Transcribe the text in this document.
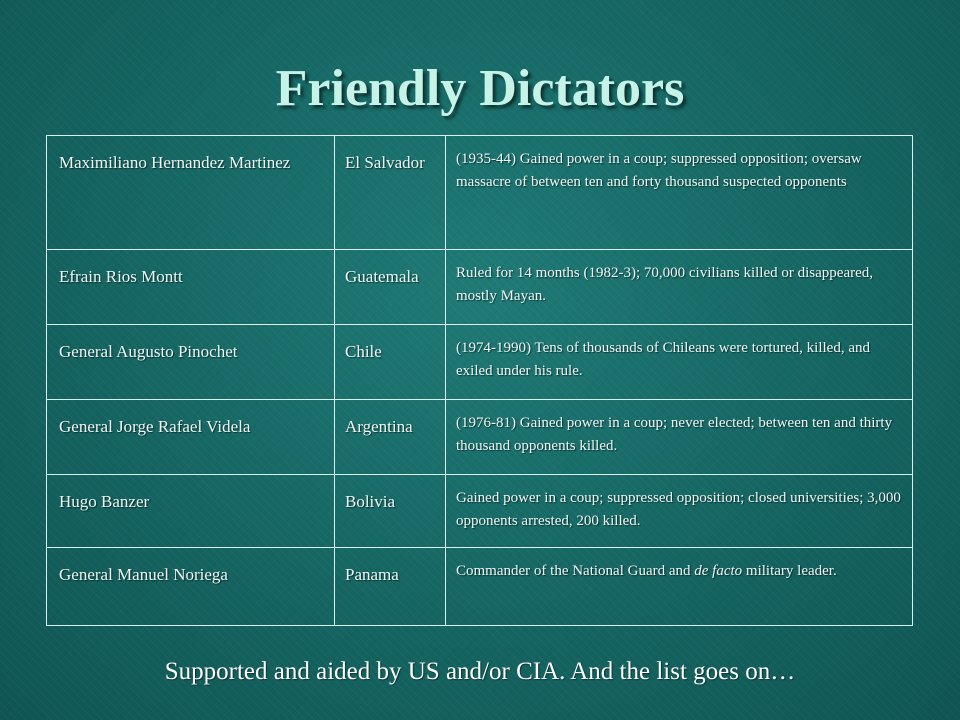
Friendly Dictators
Maximiliano Hernandez Martinez	El Salvador	(1935-44) Gained power in a coup; suppressed opposition; oversaw massacre of between ten and forty thousand suspected opponents
Efrain Rios Montt	Guatemala	Ruled for 14 months (1982-3); 70,000 civilians killed or disappeared, mostly Mayan.
General Augusto Pinochet	Chile	(1974-1990) Tens of thousands of Chileans were tortured, killed, and exiled under his rule.
General Jorge Rafael Videla	Argentina	(1976-81) Gained power in a coup; never elected; between ten and thirty thousand opponents killed.
Hugo Banzer	Bolivia	Gained power in a coup; suppressed opposition; closed universities; 3,000 opponents arrested, 200 killed.
General Manuel Noriega	Panama	Commander of the National Guard and de facto military leader.

Supported and aided by US and/or CIA. And the list goes on…
